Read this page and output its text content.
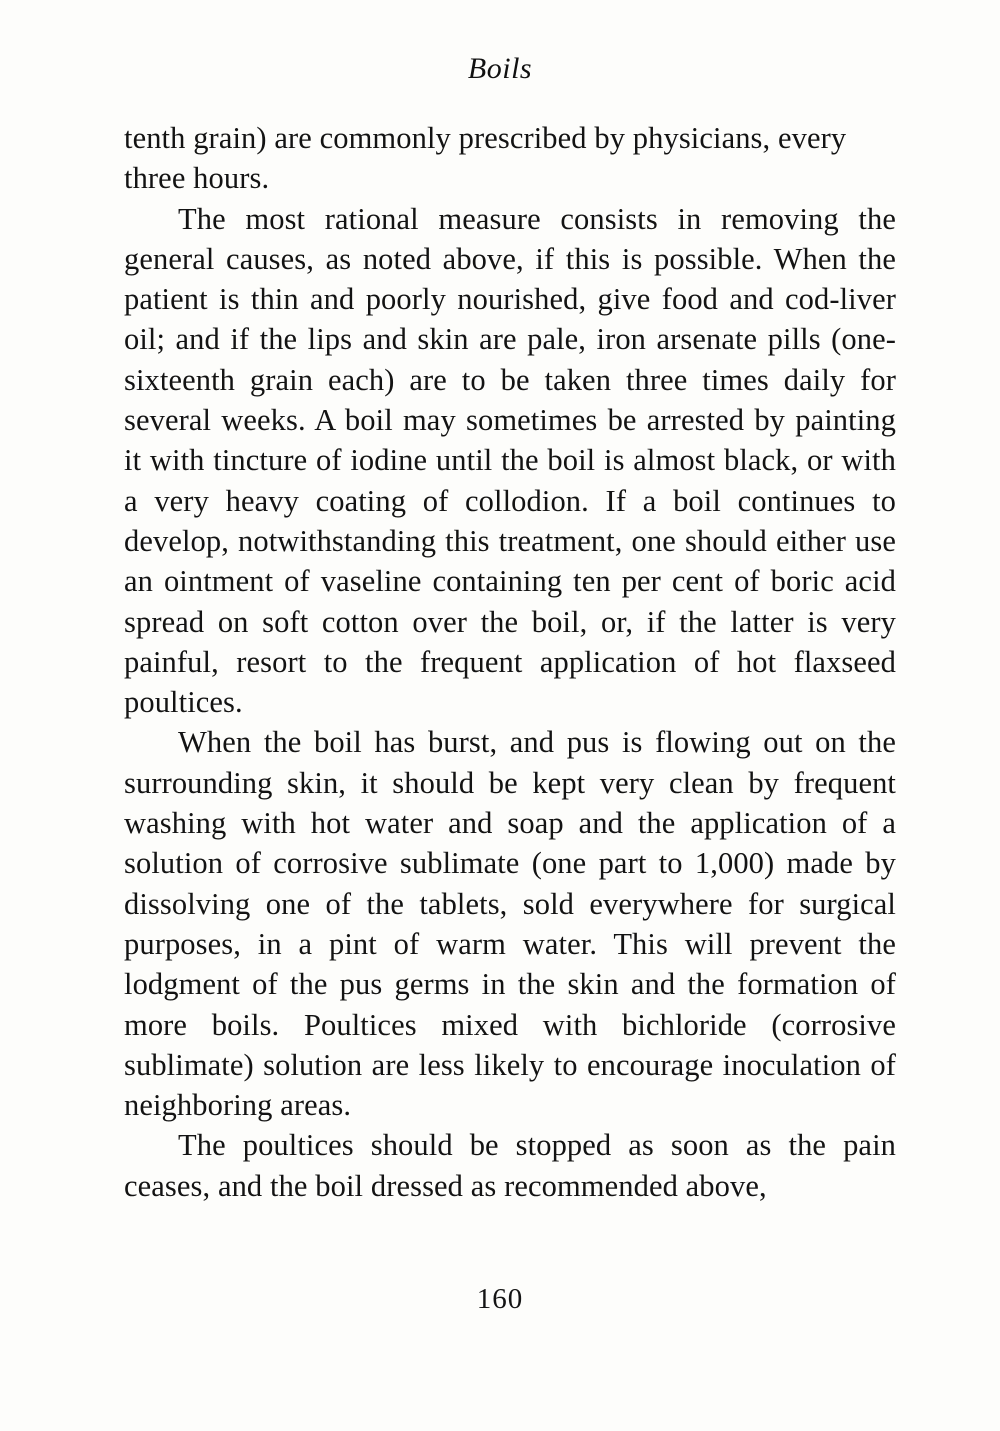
Boils

tenth grain) are commonly prescribed by physicians, every three hours.

The most rational measure consists in removing the general causes, as noted above, if this is possible. When the patient is thin and poorly nourished, give food and cod-liver oil; and if the lips and skin are pale, iron arsenate pills (one-sixteenth grain each) are to be taken three times daily for several weeks. A boil may sometimes be arrested by painting it with tincture of iodine until the boil is almost black, or with a very heavy coating of collodion. If a boil continues to develop, notwithstanding this treatment, one should either use an ointment of vaseline containing ten per cent of boric acid spread on soft cotton over the boil, or, if the latter is very painful, resort to the frequent application of hot flaxseed poultices.

When the boil has burst, and pus is flowing out on the surrounding skin, it should be kept very clean by frequent washing with hot water and soap and the application of a solution of corrosive sublimate (one part to 1,000) made by dissolving one of the tablets, sold everywhere for surgical purposes, in a pint of warm water. This will prevent the lodgment of the pus germs in the skin and the formation of more boils. Poultices mixed with bichloride (corrosive sublimate) solution are less likely to encourage inoculation of neighboring areas.

The poultices should be stopped as soon as the pain ceases, and the boil dressed as recommended above,

160
